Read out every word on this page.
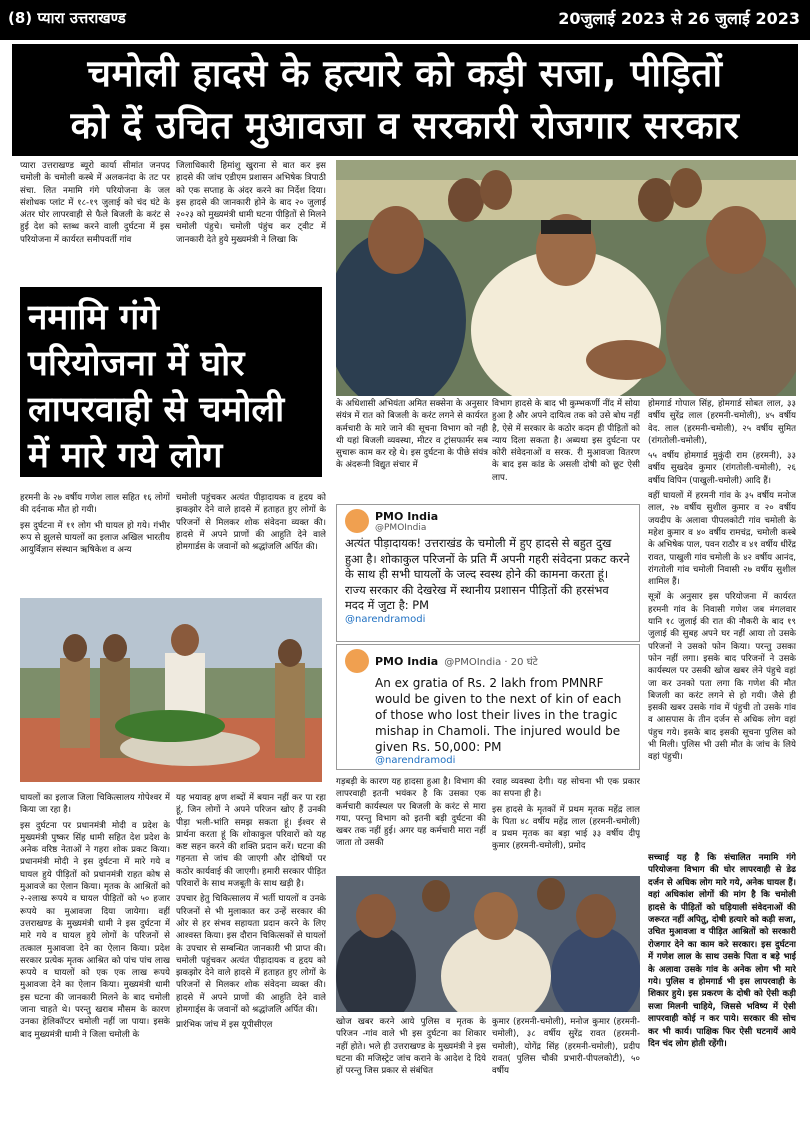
(8) प्यारा उत्तराखण्ड	20जुलाई 2023 से 26 जुलाई 2023
चमोली हादसे के हत्यारे को कड़ी सजा, पीड़ितों
को दें उचित मुआवजा व सरकारी रोजगार सरकार
प्यारा उत्तराखण्ड ब्यूरो कार्या सीमांत जनपद चमोली के चमोली कस्बे में अलकनंदा के तट पर संचा. लित नमामि गंगे परियोजना के जल संशोधक प्लांट में १८-१९ जुलाई को चंद घंटे के अंतर घोर लापरवाही से फैले बिजली के करंट से हुई देश को स्तब्ध करने वाली दुर्घटना में इस परियोजना में कार्यरत समीपवर्ती गांव
जिलाधिकारी हिमांशु खुराना से बात कर इस हादसे की जांच एडीएम प्रशासन अभिषेक त्रिपाठी को एक सप्ताह के अंदर करने का निर्देश दिया। इस हादसे की जानकारी होने के बाद २० जुलाई २०२३ को मुख्यमंत्री धामी घटना पीड़ितों से मिलने चमोली पंहुचे। चमोली पंहुंच कर ट्वीट में जानकारी देते हुये मुख्यमंत्री ने लिखा कि
नमामि गंगे
परियोजना में घोर
लापरवाही से चमोली
में मारे गये लोग
हरमनी के २७ वर्षीय गणेश लाल सहित १६ लोगों की दर्दनाक मौत हो गयी।
इस दुर्घटना में ११ लोग भी घायल हो गये। गंभीर रूप से झुलसे घायलों का इलाज अखिल भारतीय आयुर्विज्ञान संस्थान ऋषिकेश व अन्य
चमोली पहुंचकर अत्यंत पीड़ादायक व हृदय को झकझोर देने वाले हादसे में हताहत हुए लोगों के परिजनों से मिलकर शोक संवेदना व्यक्त की। हादसे में अपने प्राणों की आहुति देने वाले होमगार्डस के जवानों को श्रद्धांजलि अर्पित की।
के अधिशासी अभियंता अमित सक्सेना के अनुसार संयंत्र में रात को बिजली के करंट लगने से कार्यरत कर्मचारी के मारे जाने की सूचना विभाग को नही थी यहां बिजली व्यवस्था, मीटर व ट्रांसफार्मर सब सुचारू काम कर रहे थे। इस दुर्घटना के पीछे संयंत्र के अंदरूनी विद्युत संचार में
विभाग हादसे के बाद भी कुम्भकर्णी नींद में सोया हुआ है और अपने दायित्व तक को उसे बोध नहीं है, ऐसे में सरकार के कठोर कदम ही पीड़ितों को न्याय दिला सकता है। अब्यथा इस दुर्घटना पर कोरी संवेदनाओं व सरक. री मुआवजा वितरण के बाद इस कांड के असली दोषी को छूट ऐसी लाप.
होमगार्ड गोपाल सिंह, होमगार्ड सोबत लाल, ३३ वर्षीय सुरेंद्र लाल (हरमनी-चमोली), ४५ वर्षीय वेद. लाल (हरमनी-चमोली), २५ वर्षीय सुमित (रांगतोली-चमोली),
५५ वर्षीय होमगार्ड मुकुंदी राम (हरमनी), ३३ वर्षीय सुखदेव कुमार (रांगतोली-चमोली), २६ वर्षीय विपिन (पाखुली-चमोली) आदि हैं।
वहीं घायलों में हरमनी गांव के ३५ वर्षीय मनोज लाल, २७ वर्षीय सुशील कुमार व २० वर्षीय जयदीप के अलावा पीपलकोटी गांव चमोली के महेश कुमार व ४० वर्षीय रामचंद्र, चमोली कस्बे के अभिषेक पाल, पवन राठौर व ४१ वर्षीय धीरेंद्र रावत, पाखुली गांव चमोली के ४२ वर्षीय आनंद, रांगतोली गांव चमोली निवासी २७ वर्षीय सुशील शामिल हैं।
सूत्रों के अनुसार इस परियोजना में कार्यरत हरमनी गांव के निवासी गणेश जब मंगलवार यानि १८ जुलाई की रात की नौकरी के बाद १९ जुलाई की सुबह अपने घर नहीं आया तो उसके परिजनों ने उसको फोन किया। परन्तु उसका फोन नहीं लगा। इसके बाद परिजनों ने उसके कार्यस्थल पर उसकी खोज खबर लेने पंहुचे वहां जा कर उनको पता लगा कि गणेश की मौत बिजली का करंट लगने से हो गयी। जैसे ही इसकी खबर उसके गांव में पंहुची तो उसके गांव व आसपास के तीन दर्जन से अधिक लोग वहां पंहुच गये। इसके बाद इसकी सूचना पुलिस को भी मिली। पुलिस भी उसी मौत के जांच के लिये वहां पंहुची।
PMO India
@PMOIndia
अत्यंत पीड़ादायक! उत्तराखंड के चमोली में हुए हादसे से बहुत दुख हुआ है। शोकाकुल परिजनों के प्रति मैं अपनी गहरी संवेदना प्रकट करने के साथ ही सभी घायलों के जल्द स्वस्थ होने की कामना करता हूं। राज्य सरकार की देखरेख में स्थानीय प्रशासन पीड़ितों की हरसंभव मदद में जुटा है: PM
@narendramodi
PMO India @PMOIndia · 20 घंटे
An ex gratia of Rs. 2 lakh from PMNRF would be given to the next of kin of each of those who lost their lives in the tragic mishap in Chamoli. The injured would be given Rs. 50,000: PM
@narendramodi
घायलों का इलाज जिला चिकित्सालय गोपेश्वर में किया जा रहा है।
इस दुर्घटना पर प्रधानमंत्री मोदी व प्रदेश के मुख्यमंत्री पुष्कर सिंह धामी सहित देश प्रदेश के अनेक वरिष्ठ नेताओं ने गहरा शोक प्रकट किया। प्रधानमंत्री मोदी ने इस दुर्घटना में मारे गये व घायल हुये पीड़ितों को प्रधानमंत्री राहत कोष से मुआवजे का ऐलान किया। मृतक के आश्रितों को २-२लाख रूपये व घायल पीड़ितों को ५० हजार रूपये का मुआवजा दिया जायेगा। वहीं उत्तराखण्ड के मुख्यमंत्री धामी ने इस दुर्घटना में मारे गये व घायल हुये लोगों के परिजनों से तत्काल मुआवजा देने का ऐलान किया। प्रदेश सरकार प्रत्येक मृतक आश्रित को पांच पांच लाख रूपये व घायलों को एक एक लाख रूपये मुआवजा देने का ऐलान किया। मुख्यमंत्री धामी इस घटना की जानकारी मिलने के बाद चमोली जाना चाहते थे। परन्तु खराब मौसम के कारण उनका हेलिकॉप्टर चमोली नहीं जा पाया। इसके बाद मुख्यमंत्री धामी ने जिला चमोली के
यह भयावह क्षण शब्दों में बयान नहीं कर पा रहा हूं, जिन लोगों ने अपने परिजन खोए हैं उनकी पीड़ा भली-भांति समझ सकता हूं। ईश्वर से प्रार्थना करता हूं कि शोकाकुल परिवारों को यह कष्ट सहन करने की शक्ति प्रदान करें। घटना की गहनता से जांच की जाएगी और दोषियों पर कठोर कार्यवाई की जाएगी। हमारी सरकार पीड़ित परिवारों के साथ मजबूती के साथ खड़ी है।
उपचार हेतु चिकित्सालय में भर्ती घायलों व उनके परिजनों से भी मुलाकात कर उन्हें सरकार की ओर से हर संभव सहायता प्रदान करने के लिए आश्वस्त किया। इस दौरान चिकित्सकों से घायलों के उपचार से सम्बन्धित जानकारी भी प्राप्त की।चमोली पहुंचकर अत्यंत पीड़ादायक व हृदय को झकझोर देने वाले हादसे में हताहत हुए लोगों के परिजनों से मिलकर शोक संवेदना व्यक्त की। हादसे में अपने प्राणों की आहुति देने वाले होमगार्ड्स के जवानों को श्रद्धांजलि अर्पित की।
प्रारंभिक जांच में इस यूपीसीएल
गड़बड़ी के कारण यह हादसा हुआ है। विभाग की लापरवाही इतनी भयंकर है कि उसका एक कर्मचारी कार्यस्थल पर बिजली के करंट से मारा गया, परन्तु विभाग को इतनी बड़ी दुर्घटना की खबर तक नहीं हुई। अगर यह कर्मचारी मारा नहीं जाता तो उसकी
रवाह व्यवस्था देगी। यह सोचना भी एक प्रकार का सपना ही है।
इस हादसे के मृतकों में प्रथम मृतक महेंद्र लाल के पिता ४८ वर्षीय महेंद्र लाल (हरमनी-चमोली) व प्रथम मृतक का बड़ा भाई ३३ वर्षीय दीपू कुमार (हरमनी-चमोली), प्रमोद
सच्चाई यह है कि संचालित नमामि गंगे परियोजना विभाग की घोर लापरवाही से डेढ दर्जन से अधिक लोग मारे गये, अनेक घायल हैं। वहां अधिकांश लोगों की मांग है कि चमोली हादसे के पीड़ितों को घड़ियाली संवेदनाओं की जरूरत नहीं अपितु, दोषी हत्यारे को कड़ी सजा, उचित मुआवजा व पीड़ित आश्रितों को सरकारी रोजगार देने का काम करे सरकार। इस दुर्घटना में गणेश लाल के साथ उसके पिता व बड़े भाई के अलावा उसके गांव के अनेक लोग भी मारे गये। पुलिस व होमगार्ड भी इस लापरवाही के शिकार हुये। इस प्रकरण के दोषी को ऐसी कड़ी सजा मिलनी चाहिये, जिससे भविष्य में ऐसी लापरवाही कोई न कर पाये। सरकार की सोच कर भी कार्य। पाक्षिक फिर ऐसी घटनायें आये दिन चंद लोग होती रहेंगी।
खोज खबर करने आये पुलिस व मृतक के परिजन -गांव वाले भी इस दुर्घटना का शिकार नहीं होते। भले ही उत्तराखण्ड के मुख्यमंत्री ने इस घटना की मजिस्ट्रेट जांच कराने के आदेश दे दिये हों परन्तु जिस प्रकार से संबंधित
कुमार (हरमनी-चमोली), मनोज कुमार (हरमनी-चमोली), ३८ वर्षीय सुरेंद्र रावत (हरमनी-चमोली), योगेंद्र सिंह (हरमनी-चमोली), प्रदीप रावत( पुलिस चौकी प्रभारी-पीपलकोटी), ५० वर्षीय
